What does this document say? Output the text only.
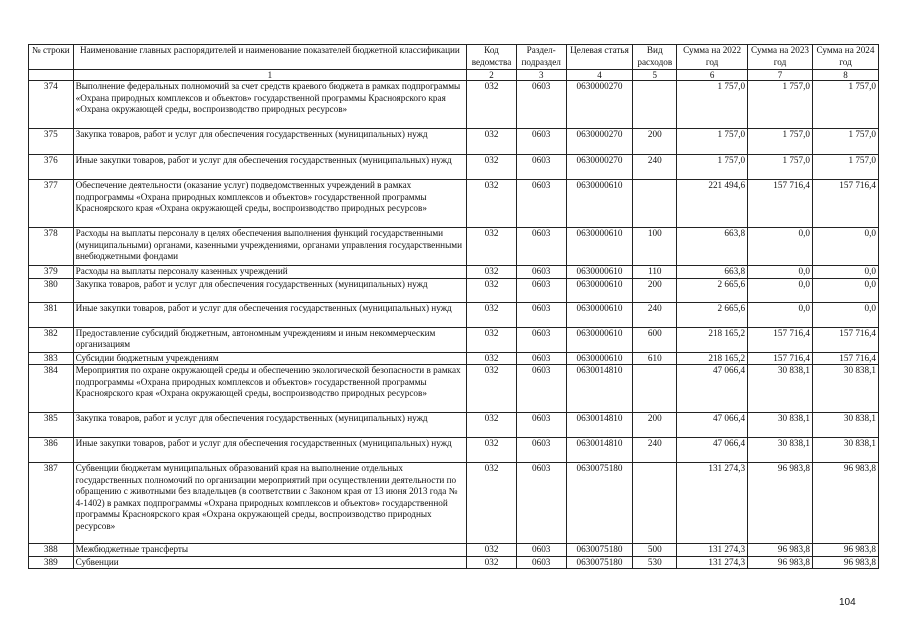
№ строки	Наименование главных распорядителей и наименование показателей бюджетной классификации	Код ведомства	Раздел-подраздел	Целевая статья	Вид расходов	Сумма на 2022 год	Сумма на 2023 год	Сумма на 2024 год
	1	2	3	4	5	6	7	8
374	Выполнение федеральных полномочий за счет средств краевого бюджета в рамках подпрограммы «Охрана природных комплексов и объектов» государственной программы Красноярского края «Охрана окружающей среды, воспроизводство природных ресурсов»	032	0603	0630000270		1 757,0	1 757,0	1 757,0
375	Закупка товаров, работ и услуг для обеспечения государственных (муниципальных) нужд	032	0603	0630000270	200	1 757,0	1 757,0	1 757,0
376	Иные закупки товаров, работ и услуг для обеспечения государственных (муниципальных) нужд	032	0603	0630000270	240	1 757,0	1 757,0	1 757,0
377	Обеспечение деятельности (оказание услуг) подведомственных учреждений в рамках подпрограммы «Охрана природных комплексов и объектов» государственной программы Красноярского края «Охрана окружающей среды, воспроизводство природных ресурсов»	032	0603	0630000610		221 494,6	157 716,4	157 716,4
378	Расходы на выплаты персоналу в целях обеспечения выполнения функций государственными (муниципальными) органами, казенными учреждениями, органами управления государственными внебюджетными фондами	032	0603	0630000610	100	663,8	0,0	0,0
379	Расходы на выплаты персоналу казенных учреждений	032	0603	0630000610	110	663,8	0,0	0,0
380	Закупка товаров, работ и услуг для обеспечения государственных (муниципальных) нужд	032	0603	0630000610	200	2 665,6	0,0	0,0
381	Иные закупки товаров, работ и услуг для обеспечения государственных (муниципальных) нужд	032	0603	0630000610	240	2 665,6	0,0	0,0
382	Предоставление субсидий бюджетным, автономным учреждениям и иным некоммерческим организациям	032	0603	0630000610	600	218 165,2	157 716,4	157 716,4
383	Субсидии бюджетным учреждениям	032	0603	0630000610	610	218 165,2	157 716,4	157 716,4
384	Мероприятия по охране окружающей среды и обеспечению экологической безопасности в рамках подпрограммы «Охрана природных комплексов и объектов» государственной программы Красноярского края «Охрана окружающей среды, воспроизводство природных ресурсов»	032	0603	0630014810		47 066,4	30 838,1	30 838,1
385	Закупка товаров, работ и услуг для обеспечения государственных (муниципальных) нужд	032	0603	0630014810	200	47 066,4	30 838,1	30 838,1
386	Иные закупки товаров, работ и услуг для обеспечения государственных (муниципальных) нужд	032	0603	0630014810	240	47 066,4	30 838,1	30 838,1
387	Субвенции бюджетам муниципальных образований края на выполнение отдельных государственных полномочий по организации мероприятий при осуществлении деятельности по обращению с животными без владельцев (в соответствии с Законом края от 13 июня 2013 года № 4-1402) в рамках подпрограммы «Охрана природных комплексов и объектов» государственной программы Красноярского края «Охрана окружающей среды, воспроизводство природных ресурсов»	032	0603	0630075180		131 274,3	96 983,8	96 983,8
388	Межбюджетные трансферты	032	0603	0630075180	500	131 274,3	96 983,8	96 983,8
389	Субвенции	032	0603	0630075180	530	131 274,3	96 983,8	96 983,8
104
